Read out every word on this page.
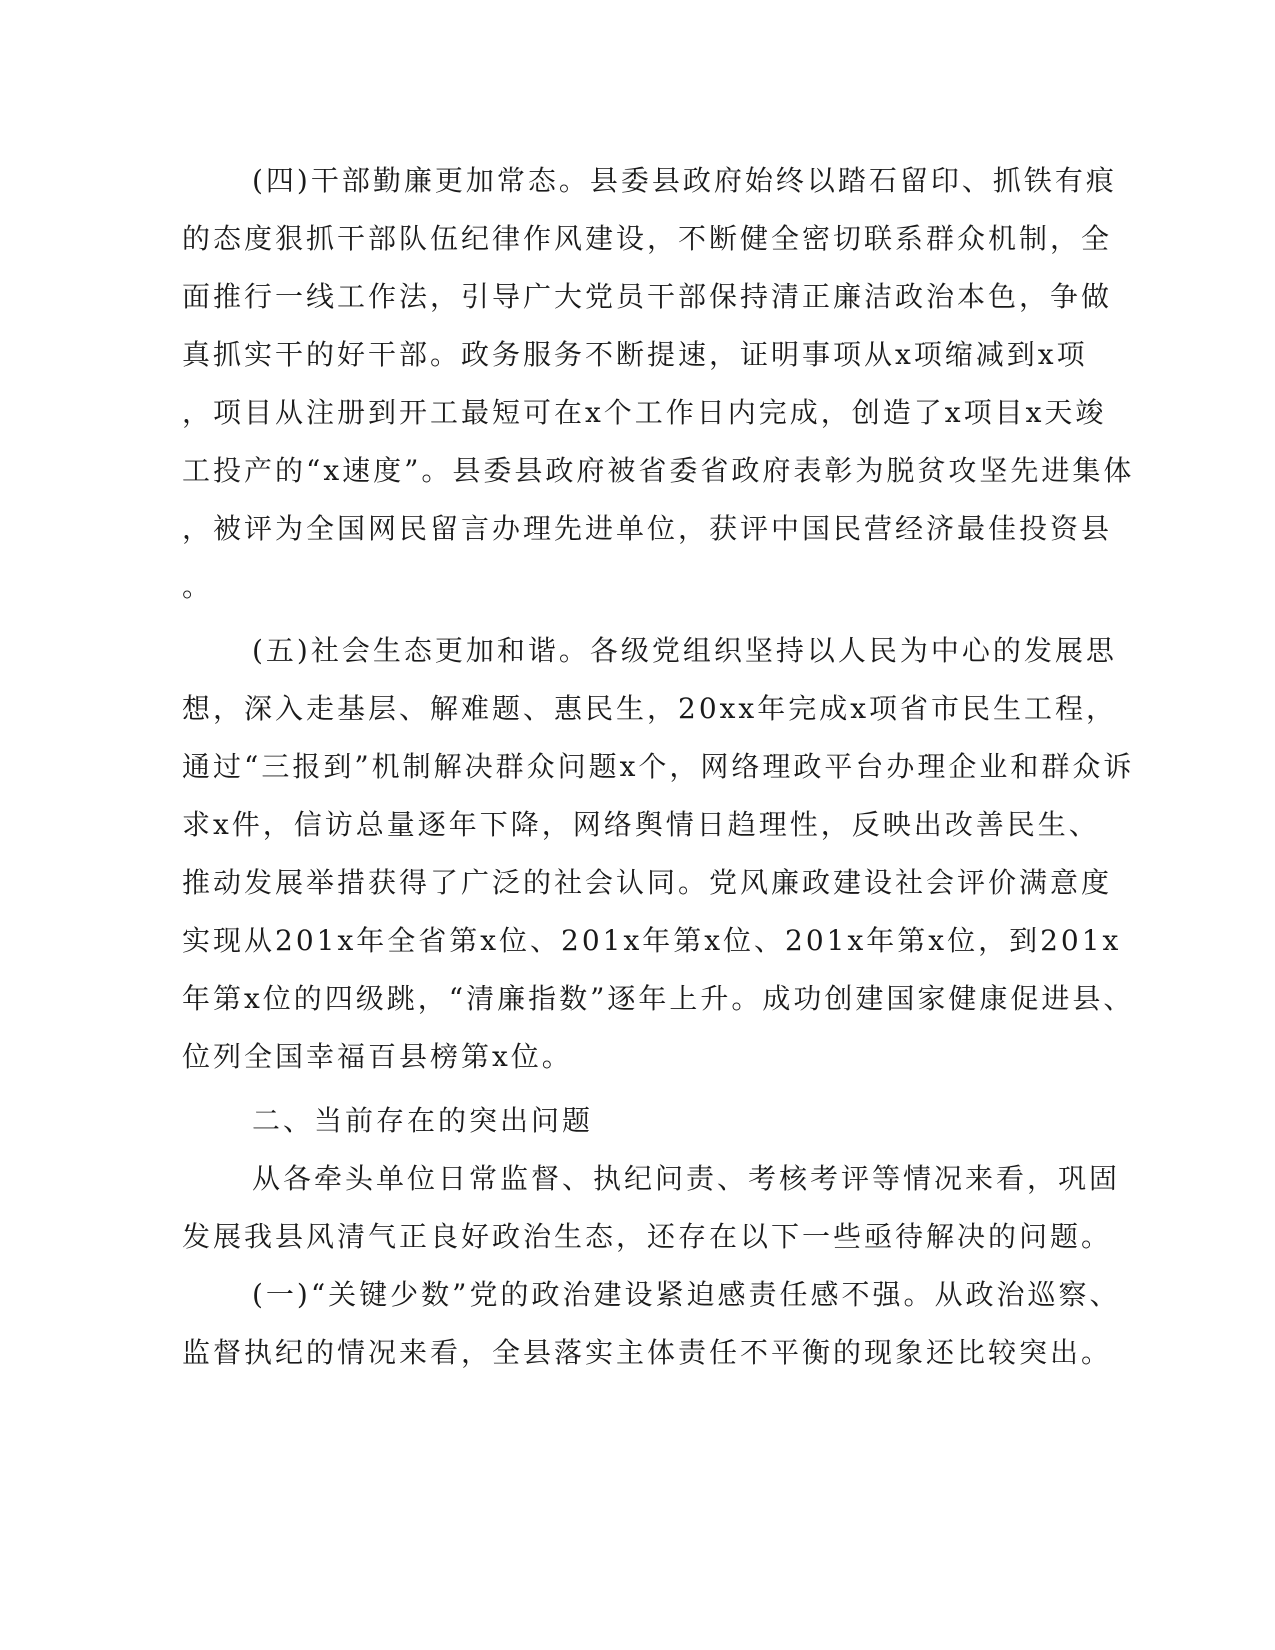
(四)干部勤廉更加常态。县委县政府始终以踏石留印、抓铁有痕
的态度狠抓干部队伍纪律作风建设，不断健全密切联系群众机制，全
面推行一线工作法，引导广大党员干部保持清正廉洁政治本色，争做
真抓实干的好干部。政务服务不断提速，证明事项从x项缩减到x项
，项目从注册到开工最短可在x个工作日内完成，创造了x项目x天竣
工投产的“x速度”。县委县政府被省委省政府表彰为脱贫攻坚先进集体
，被评为全国网民留言办理先进单位，获评中国民营经济最佳投资县
。
(五)社会生态更加和谐。各级党组织坚持以人民为中心的发展思
想，深入走基层、解难题、惠民生，20xx年完成x项省市民生工程，
通过“三报到”机制解决群众问题x个，网络理政平台办理企业和群众诉
求x件，信访总量逐年下降，网络舆情日趋理性，反映出改善民生、
推动发展举措获得了广泛的社会认同。党风廉政建设社会评价满意度
实现从201x年全省第x位、201x年第x位、201x年第x位，到201x
年第x位的四级跳，“清廉指数”逐年上升。成功创建国家健康促进县、
位列全国幸福百县榜第x位。
二、当前存在的突出问题
从各牵头单位日常监督、执纪问责、考核考评等情况来看，巩固
发展我县风清气正良好政治生态，还存在以下一些亟待解决的问题。
(一)“关键少数”党的政治建设紧迫感责任感不强。从政治巡察、
监督执纪的情况来看，全县落实主体责任不平衡的现象还比较突出。
